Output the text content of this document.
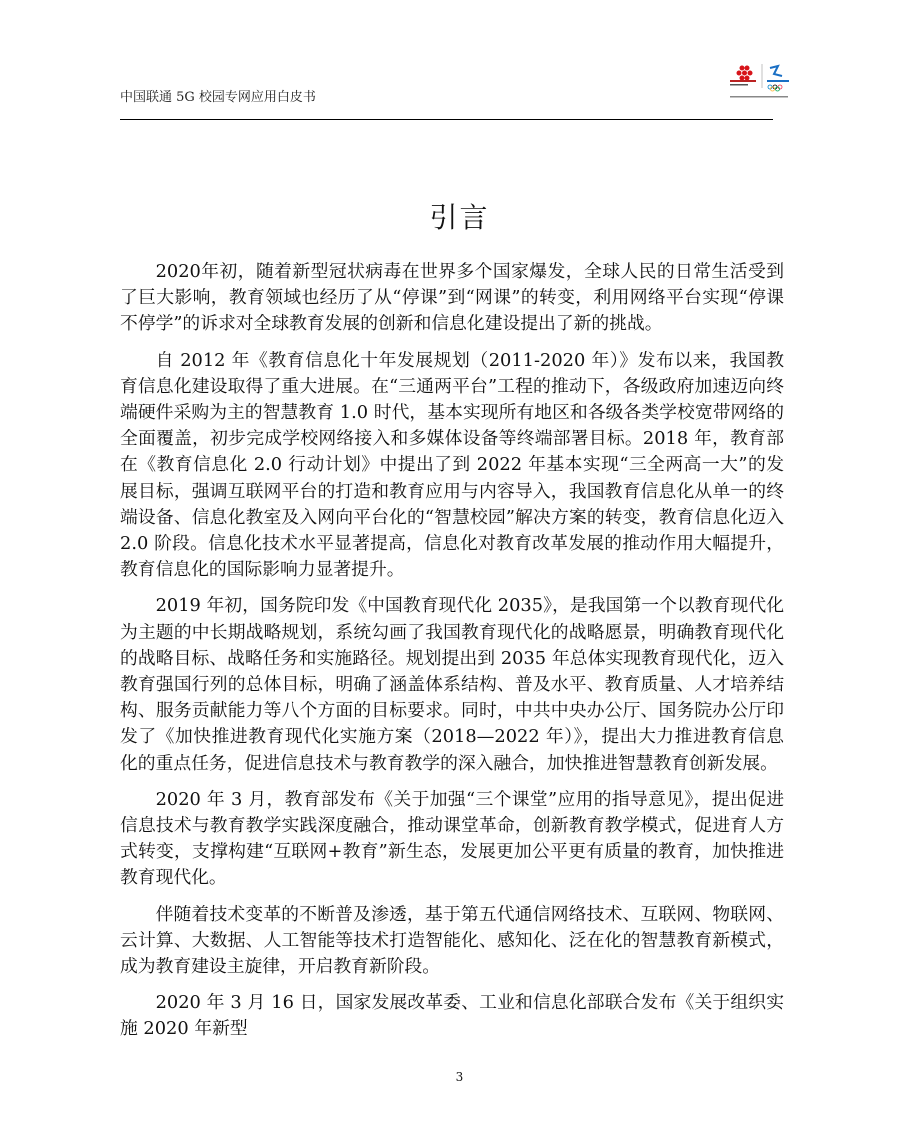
中国联通 5G 校园专网应用白皮书
引言

2020年初，随着新型冠状病毒在世界多个国家爆发，全球人民的日常生活受到了巨大影响，教育领域也经历了从“停课”到“网课”的转变，利用网络平台实现“停课不停学”的诉求对全球教育发展的创新和信息化建设提出了新的挑战。

自 2012 年《教育信息化十年发展规划（2011-2020 年）》发布以来，我国教育信息化建设取得了重大进展。在“三通两平台”工程的推动下，各级政府加速迈向终端硬件采购为主的智慧教育 1.0 时代，基本实现所有地区和各级各类学校宽带网络的全面覆盖，初步完成学校网络接入和多媒体设备等终端部署目标。2018 年，教育部在《教育信息化 2.0 行动计划》中提出了到 2022 年基本实现“三全两高一大”的发展目标，强调互联网平台的打造和教育应用与内容导入，我国教育信息化从单一的终端设备、信息化教室及入网向平台化的“智慧校园”解决方案的转变，教育信息化迈入 2.0 阶段。信息化技术水平显著提高，信息化对教育改革发展的推动作用大幅提升，教育信息化的国际影响力显著提升。

2019 年初，国务院印发《中国教育现代化 2035》，是我国第一个以教育现代化为主题的中长期战略规划，系统勾画了我国教育现代化的战略愿景，明确教育现代化的战略目标、战略任务和实施路径。规划提出到 2035 年总体实现教育现代化，迈入教育强国行列的总体目标，明确了涵盖体系结构、普及水平、教育质量、人才培养结构、服务贡献能力等八个方面的目标要求。同时，中共中央办公厅、国务院办公厅印发了《加快推进教育现代化实施方案（2018—2022 年）》，提出大力推进教育信息化的重点任务，促进信息技术与教育教学的深入融合，加快推进智慧教育创新发展。

2020 年 3 月，教育部发布《关于加强“三个课堂”应用的指导意见》，提出促进信息技术与教育教学实践深度融合，推动课堂革命，创新教育教学模式，促进育人方式转变，支撑构建“互联网+教育”新生态，发展更加公平更有质量的教育，加快推进教育现代化。

伴随着技术变革的不断普及渗透，基于第五代通信网络技术、互联网、物联网、云计算、大数据、人工智能等技术打造智能化、感知化、泛在化的智慧教育新模式，成为教育建设主旋律，开启教育新阶段。

2020 年 3 月 16 日，国家发展改革委、工业和信息化部联合发布《关于组织实施 2020 年新型

3
